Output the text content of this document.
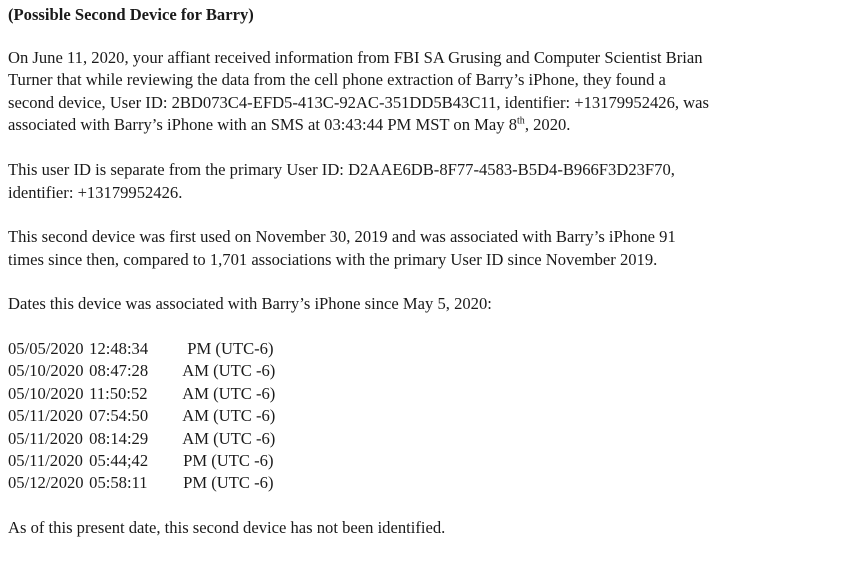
(Possible Second Device for Barry)
On June 11, 2020, your affiant received information from FBI SA Grusing and Computer Scientist Brian
Turner that while reviewing the data from the cell phone extraction of Barry’s iPhone, they found a
second device, User ID: 2BD073C4-EFD5-413C-92AC-351DD5B43C11, identifier: +13179952426, was
associated with Barry’s iPhone with an SMS at 03:43:44 PM MST on May 8th, 2020.
This user ID is separate from the primary User ID: D2AAE6DB-8F77-4583-B5D4-B966F3D23F70,
identifier: +13179952426.
This second device was first used on November 30, 2019 and was associated with Barry’s iPhone 91
times since then, compared to 1,701 associations with the primary User ID since November 2019.
Dates this device was associated with Barry’s iPhone since May 5, 2020:
05/05/2020 12:48:34	PM (UTC-6)
05/10/2020 08:47:28	AM (UTC -6)
05/10/2020 11:50:52	AM (UTC -6)
05/11/2020 07:54:50	AM (UTC -6)
05/11/2020 08:14:29	AM (UTC -6)
05/11/2020 05:44;42	PM (UTC -6)
05/12/2020 05:58:11	PM (UTC -6)
As of this present date, this second device has not been identified.
